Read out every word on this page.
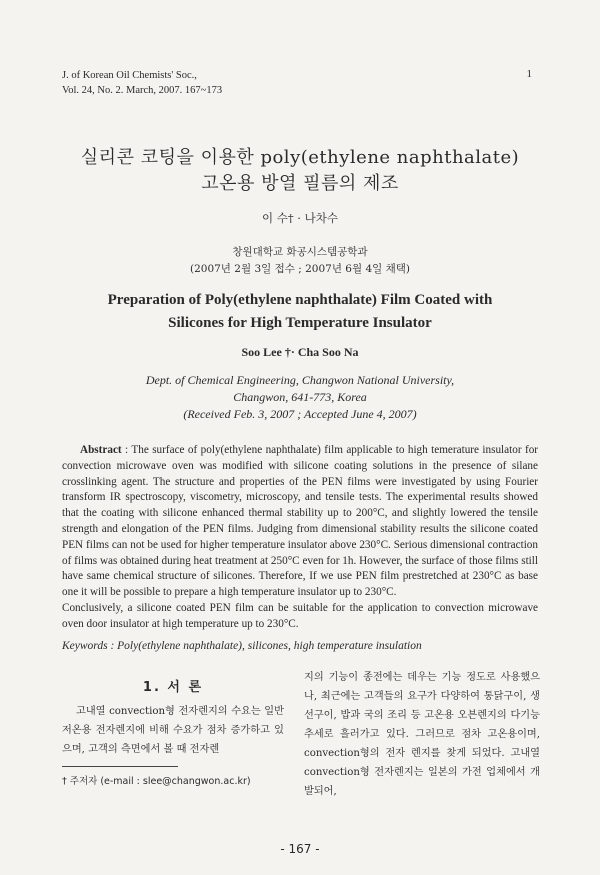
J. of Korean Oil Chemists' Soc.,
Vol. 24, No. 2. March, 2007. 167~173
1
실리콘 코팅을 이용한 poly(ethylene naphthalate)
고온용 방열 필름의 제조
이 수† · 나차수
창원대학교 화공시스템공학과
(2007년 2월 3일 접수 ; 2007년 6월 4일 채택)
Preparation of Poly(ethylene naphthalate) Film Coated with
Silicones for High Temperature Insulator
Soo Lee †· Cha Soo Na
Dept. of Chemical Engineering, Changwon National University,
Changwon, 641-773, Korea
(Received Feb. 3, 2007 ; Accepted June 4, 2007)

Abstract : The surface of poly(ethylene naphthalate) film applicable to high temerature insulator for convection microwave oven was modified with silicone coating solutions in the presence of silane crosslinking agent. The structure and properties of the PEN films were investigated by using Fourier transform IR spectroscopy, viscometry, microscopy, and tensile tests. The experimental results showed that the coating with silicone enhanced thermal stability up to 200°C, and slightly lowered the tensile strength and elongation of the PEN films. Judging from dimensional stability results the silicone coated PEN films can not be used for higher temperature insulator above 230°C. Serious dimensional contraction of films was obtained during heat treatment at 250°C even for 1h. However, the surface of those films still have same chemical structure of silicones. Therefore, If we use PEN film prestretched at 230°C as base one it will be possible to prepare a high temperature insulator up to 230°C.

Conclusively, a silicone coated PEN film can be suitable for the application to convection microwave oven door insulator at high temperature up to 230°C.

Keywords : Poly(ethylene naphthalate), silicones, high temperature insulation
1. 서 론
고내열 convection형 전자렌지의 수요는 일반 저온용 전자렌지에 비해 수요가 점차 증가하고 있으며, 고객의 측면에서 볼 때 전자렌
지의 기능이 종전에는 데우는 기능 정도로 사용했으나, 최근에는 고객들의 요구가 다양하여 통닭구이, 생선구이, 밥과 국의 조리 등 고온용 오븐렌지의 다기능 추세로 흘러가고 있다. 그러므로 점차 고온용이며, convection형의 전자 렌지를 찾게 되었다. 고내열 convection형 전자렌지는 일본의 가전 업체에서 개발되어,
† 주저자 (e-mail : slee@changwon.ac.kr)
- 167 -
